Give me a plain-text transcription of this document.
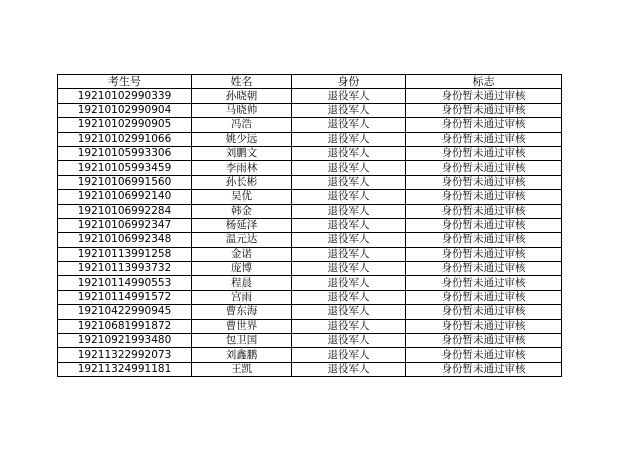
考生号	姓名	身份	标志
19210102990339	孙晓朝	退役军人	身份暂未通过审核
19210102990904	马晓帅	退役军人	身份暂未通过审核
19210102990905	冯浩	退役军人	身份暂未通过审核
19210102991066	姚少远	退役军人	身份暂未通过审核
19210105993306	刘鹏文	退役军人	身份暂未通过审核
19210105993459	李雨林	退役军人	身份暂未通过审核
19210106991560	孙长彬	退役军人	身份暂未通过审核
19210106992140	吴优	退役军人	身份暂未通过审核
19210106992284	韩金	退役军人	身份暂未通过审核
19210106992347	杨延泽	退役军人	身份暂未通过审核
19210106992348	温元达	退役军人	身份暂未通过审核
19210113991258	金诺	退役军人	身份暂未通过审核
19210113993732	庞博	退役军人	身份暂未通过审核
19210114990553	程晨	退役军人	身份暂未通过审核
19210114991572	宫雨	退役军人	身份暂未通过审核
19210422990945	曹东海	退役军人	身份暂未通过审核
19210681991872	曹世界	退役军人	身份暂未通过审核
19210921993480	包卫国	退役军人	身份暂未通过审核
19211322992073	刘鑫鹏	退役军人	身份暂未通过审核
19211324991181	王凯	退役军人	身份暂未通过审核
